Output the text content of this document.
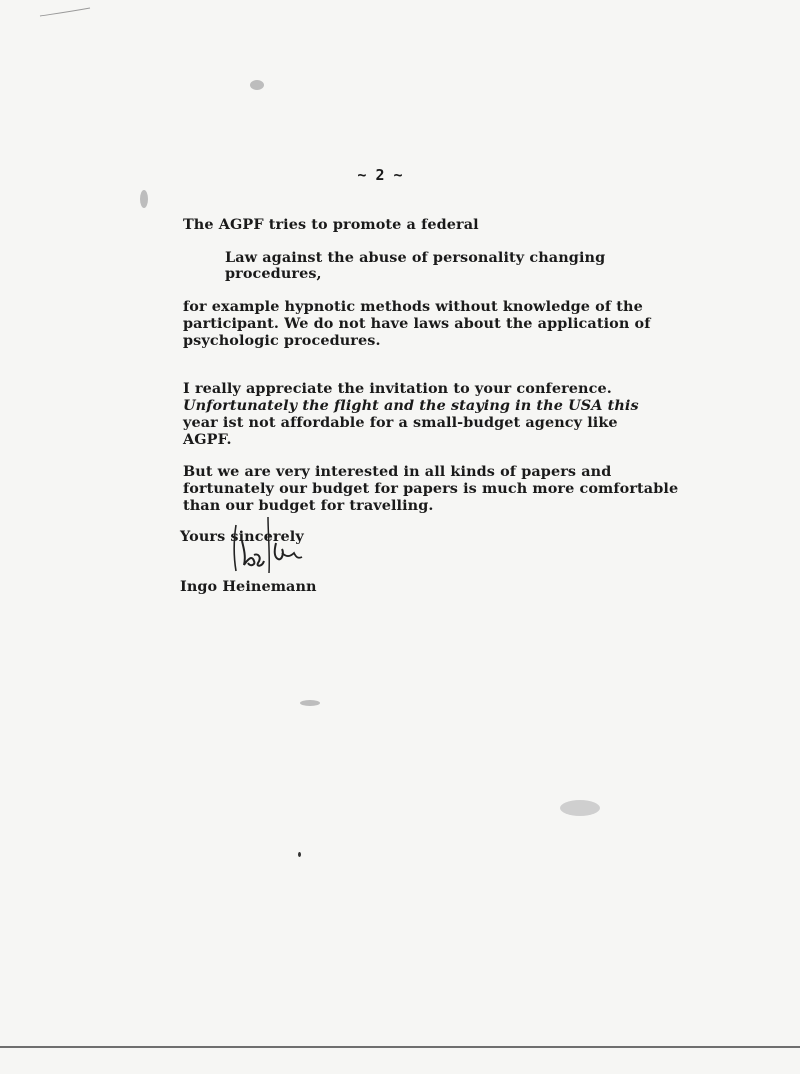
~ 2 ~
The AGPF tries to promote a federal
Law against the abuse of personality changing
procedures,
for example hypnotic methods without knowledge of the
participant. We do not have laws about the application of
psychologic procedures.
I really appreciate the invitation to your conference.
Unfortunately the flight and the staying in the USA this
year ist not affordable for a small-budget agency like
AGPF.
But we are very interested in all kinds of papers and
fortunately our budget for papers is much more comfortable
than our budget for travelling.
Yours sincerely
Ingo Heinemann
